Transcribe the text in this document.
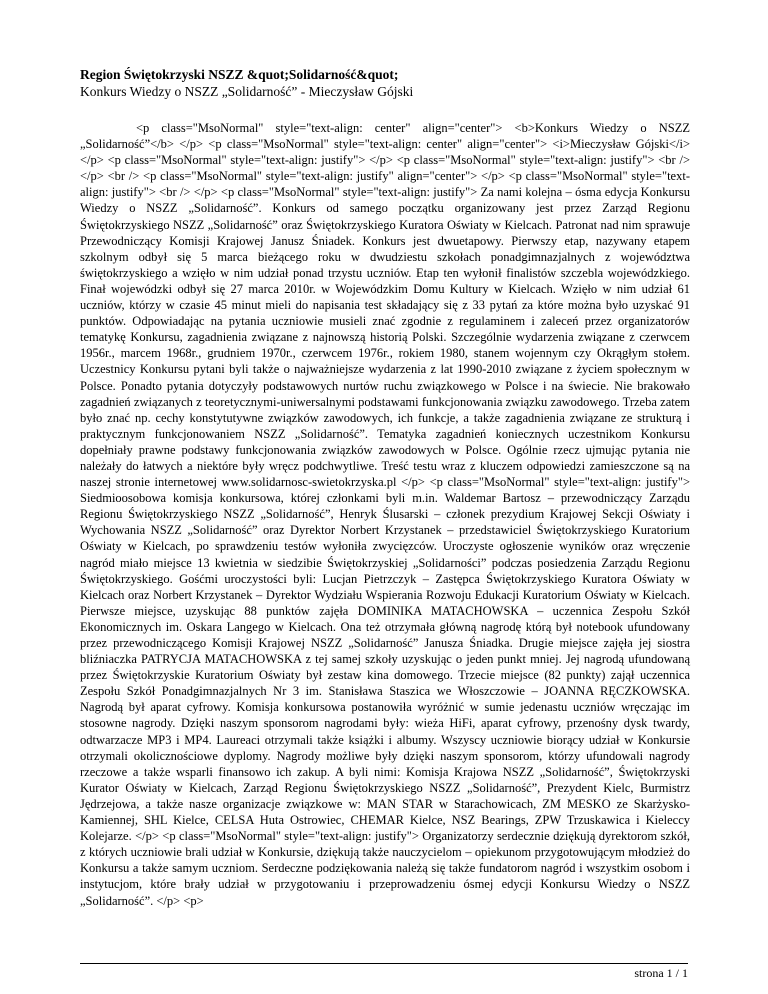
Region Świętokrzyski NSZZ &quot;Solidarność&quot;
Konkurs Wiedzy o NSZZ „Solidarność” - Mieczysław Gójski

<p class="MsoNormal" style="text-align: center" align="center"> <b>Konkurs Wiedzy o NSZZ „Solidarność”</b> </p> <p class="MsoNormal" style="text-align: center" align="center"> <i>Mieczysław Gójski</i> </p> <p class="MsoNormal" style="text-align: justify"> </p> <p class="MsoNormal" style="text-align: justify"> <br /> </p> <br /> <p class="MsoNormal" style="text-align: justify" align="center"> </p> <p class="MsoNormal" style="text-align: justify"> <br /> </p> <p class="MsoNormal" style="text-align: justify"> Za nami kolejna – ósma edycja Konkursu Wiedzy o NSZZ „Solidarność”. Konkurs od samego początku organizowany jest przez Zarząd Regionu Świętokrzyskiego NSZZ „Solidarność” oraz Świętokrzyskiego Kuratora Oświaty w Kielcach. Patronat nad nim sprawuje Przewodniczący Komisji Krajowej Janusz Śniadek. Konkurs jest dwuetapowy. Pierwszy etap, nazywany etapem szkolnym odbył się 5 marca bieżącego roku w dwudziestu szkołach ponadgimnazjalnych z województwa świętokrzyskiego a wzięło w nim udział ponad trzystu uczniów. Etap ten wyłonił finalistów szczebla wojewódzkiego. Finał wojewódzki odbył się 27 marca 2010r. w Wojewódzkim Domu Kultury w Kielcach. Wzięło w nim udział 61 uczniów, którzy w czasie 45 minut mieli do napisania test składający się z 33 pytań za które można było uzyskać 91 punktów. Odpowiadając na pytania uczniowie musieli znać zgodnie z regulaminem i zaleceń przez organizatorów tematykę Konkursu, zagadnienia związane z najnowszą historią Polski. Szczególnie wydarzenia związane z czerwcem 1956r., marcem 1968r., grudniem 1970r., czerwcem 1976r., rokiem 1980, stanem wojennym czy Okrągłym stołem. Uczestnicy Konkursu pytani byli także o najważniejsze wydarzenia z lat 1990-2010 związane z życiem społecznym w Polsce. Ponadto pytania dotyczyły podstawowych nurtów ruchu związkowego w Polsce i na świecie. Nie brakowało zagadnień związanych z teoretycznymi-uniwersalnymi podstawami funkcjonowania związku zawodowego. Trzeba zatem było znać np. cechy konstytutywne związków zawodowych, ich funkcje, a także zagadnienia związane ze strukturą i praktycznym funkcjonowaniem NSZZ „Solidarność”. Tematyka zagadnień koniecznych uczestnikom Konkursu dopełniały prawne podstawy funkcjonowania związków zawodowych w Polsce. Ogólnie rzecz ujmując pytania nie należały do łatwych a niektóre były wręcz podchwytliwe. Treść testu wraz z kluczem odpowiedzi zamieszczone są na naszej stronie internetowej www.solidarnosc-swietokrzyska.pl </p> <p class="MsoNormal" style="text-align: justify"> Siedmioosobowa komisja konkursowa, której członkami byli m.in. Waldemar Bartosz – przewodniczący Zarządu Regionu Świętokrzyskiego NSZZ „Solidarność”, Henryk Ślusarski – członek prezydium Krajowej Sekcji Oświaty i Wychowania NSZZ „Solidarność” oraz Dyrektor Norbert Krzystanek – przedstawiciel Świętokrzyskiego Kuratorium Oświaty w Kielcach, po sprawdzeniu testów wyłoniła zwycięzców. Uroczyste ogłoszenie wyników oraz wręczenie nagród miało miejsce 13 kwietnia w siedzibie Świętokrzyskiej „Solidarności” podczas posiedzenia Zarządu Regionu Świętokrzyskiego. Gośćmi uroczystości byli: Lucjan Pietrzczyk – Zastępca Świętokrzyskiego Kuratora Oświaty w Kielcach oraz Norbert Krzystanek – Dyrektor Wydziału Wspierania Rozwoju Edukacji Kuratorium Oświaty w Kielcach. Pierwsze miejsce, uzyskując 88 punktów zajęła DOMINIKA MATACHOWSKA – uczennica Zespołu Szkół Ekonomicznych im. Oskara Langego w Kielcach. Ona też otrzymała główną nagrodę którą był notebook ufundowany przez przewodniczącego Komisji Krajowej NSZZ „Solidarność” Janusza Śniadka. Drugie miejsce zajęła jej siostra bliźniaczka PATRYCJA MATACHOWSKA z tej samej szkoły uzyskując o jeden punkt mniej. Jej nagrodą ufundowaną przez Świętokrzyskie Kuratorium Oświaty był zestaw kina domowego. Trzecie miejsce (82 punkty) zajął uczennica Zespołu Szkół Ponadgimnazjalnych Nr 3 im. Stanisława Staszica we Włoszczowie – JOANNA RĘCZKOWSKA. Nagrodą był aparat cyfrowy. Komisja konkursowa postanowiła wyróżnić w sumie jedenastu uczniów wręczając im stosowne nagrody. Dzięki naszym sponsorom nagrodami były: wieża HiFi, aparat cyfrowy, przenośny dysk twardy, odtwarzacze MP3 i MP4. Laureaci otrzymali także książki i albumy. Wszyscy uczniowie biorący udział w Konkursie otrzymali okolicznościowe dyplomy. Nagrody możliwe były dzięki naszym sponsorom, którzy ufundowali nagrody rzeczowe a także wsparli finansowo ich zakup. A byli nimi: Komisja Krajowa NSZZ „Solidarność”, Świętokrzyski Kurator Oświaty w Kielcach, Zarząd Regionu Świętokrzyskiego NSZZ „Solidarność”, Prezydent Kielc, Burmistrz Jędrzejowa, a także nasze organizacje związkowe w: MAN STAR w Starachowicach, ZM MESKO ze Skarżysko-Kamiennej, SHL Kielce, CELSA Huta Ostrowiec, CHEMAR Kielce, NSZ Bearings, ZPW Trzuskawica i Kieleccy Kolejarze. </p> <p class="MsoNormal" style="text-align: justify"> Organizatorzy serdecznie dziękują dyrektorom szkół, z których uczniowie brali udział w Konkursie, dziękują także nauczycielom – opiekunom przygotowującym młodzież do Konkursu a także samym uczniom. Serdeczne podziękowania należą się także fundatorom nagród i wszystkim osobom i instytucjom, które brały udział w przygotowaniu i przeprowadzeniu ósmej edycji Konkursu Wiedzy o NSZZ „Solidarność”. </p> <p>

strona 1 / 1
